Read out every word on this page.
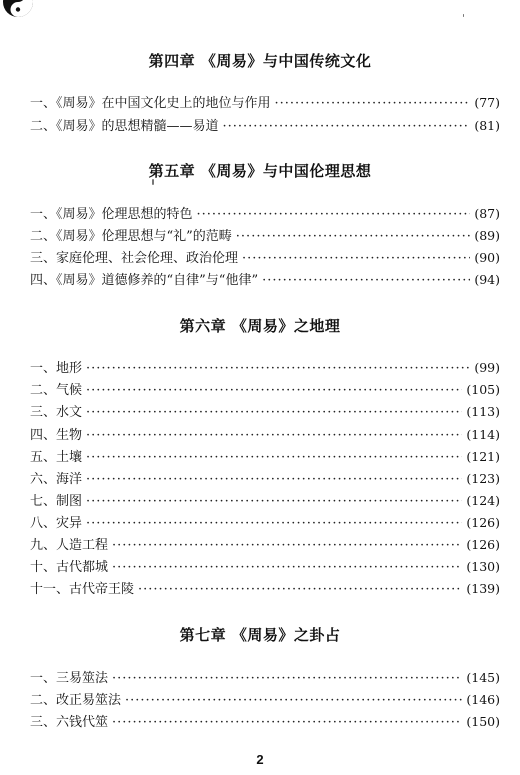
第四章 《周易》与中国传统文化
一、《周易》在中国文化史上的地位与作用 ·····	(77)
二、《周易》的思想精髓——易道 ·····	(81)
第五章 《周易》与中国伦理思想
一、《周易》伦理思想的特色 ·····	(87)
二、《周易》伦理思想与“礼”的范畴 ·····	(89)
三、家庭伦理、社会伦理、政治伦理 ·····	(90)
四、《周易》道德修养的“自律”与“他律” ·····	(94)
第六章 《周易》之地理
一、地形 ·····	(99)
二、气候 ·····	(105)
三、水文 ·····	(113)
四、生物 ·····	(114)
五、土壤 ·····	(121)
六、海洋 ·····	(123)
七、制图 ·····	(124)
八、灾异 ·····	(126)
九、人造工程 ·····	(126)
十、古代都城 ·····	(130)
十一、古代帝王陵 ·····	(139)
第七章 《周易》之卦占
一、三易筮法 ·····	(145)
二、改正易筮法 ·····	(146)
三、六钱代筮 ·····	(150)
2
